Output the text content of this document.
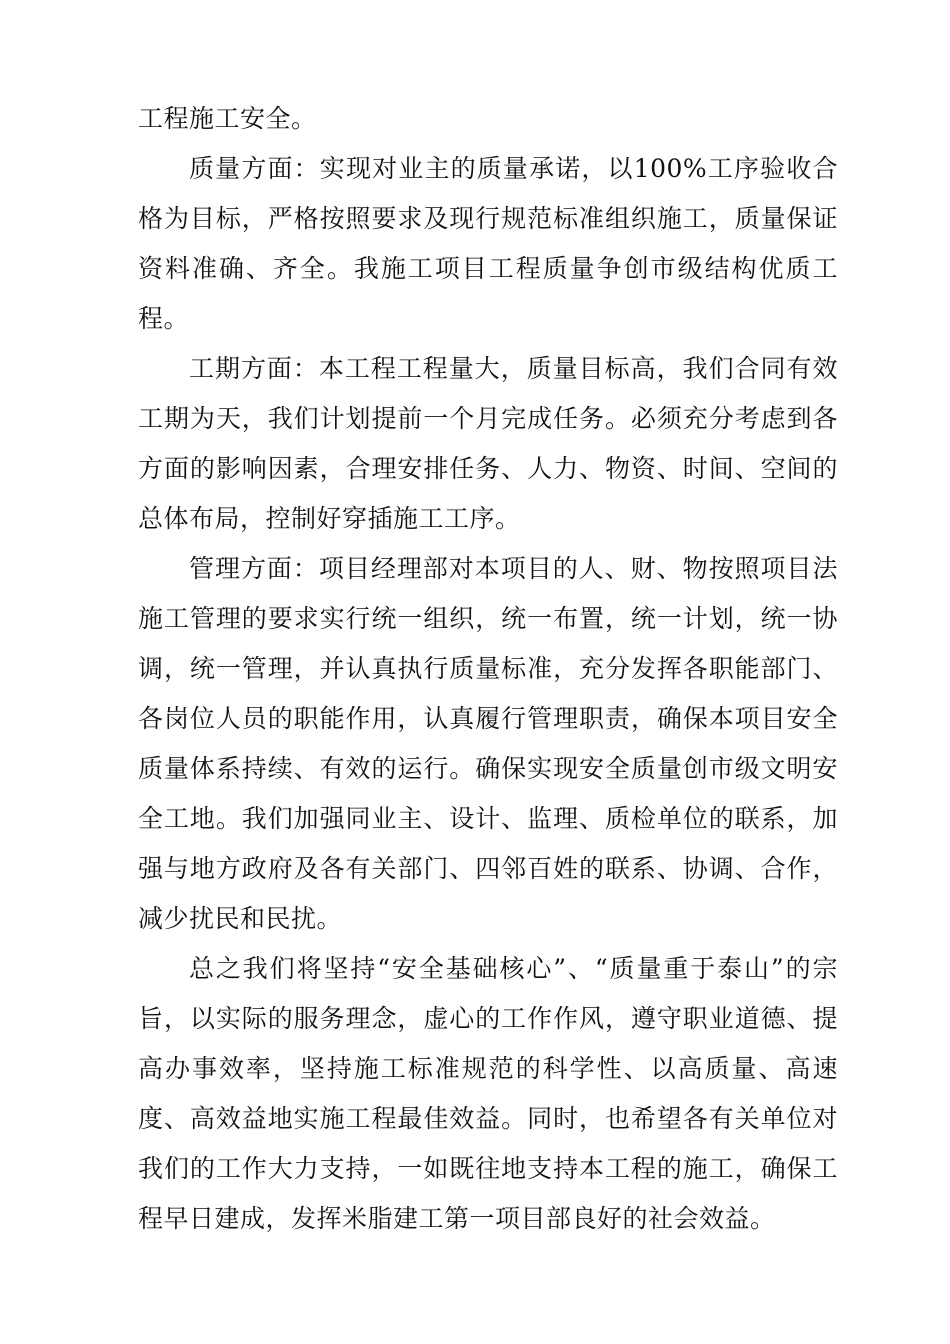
工程施工安全。

质量方面：实现对业主的质量承诺，以100%工序验收合格为目标，严格按照要求及现行规范标准组织施工，质量保证资料准确、齐全。我施工项目工程质量争创市级结构优质工程。

工期方面：本工程工程量大，质量目标高，我们合同有效工期为天，我们计划提前一个月完成任务。必须充分考虑到各方面的影响因素，合理安排任务、人力、物资、时间、空间的总体布局，控制好穿插施工工序。

管理方面：项目经理部对本项目的人、财、物按照项目法施工管理的要求实行统一组织，统一布置，统一计划，统一协调，统一管理，并认真执行质量标准，充分发挥各职能部门、各岗位人员的职能作用，认真履行管理职责，确保本项目安全质量体系持续、有效的运行。确保实现安全质量创市级文明安全工地。我们加强同业主、设计、监理、质检单位的联系，加强与地方政府及各有关部门、四邻百姓的联系、协调、合作，减少扰民和民扰。

总之我们将坚持“安全基础核心”、“质量重于泰山”的宗旨，以实际的服务理念，虚心的工作作风，遵守职业道德、提高办事效率，坚持施工标准规范的科学性、以高质量、高速度、高效益地实施工程最佳效益。同时，也希望各有关单位对我们的工作大力支持，一如既往地支持本工程的施工，确保工程早日建成，发挥米脂建工第一项目部良好的社会效益。
